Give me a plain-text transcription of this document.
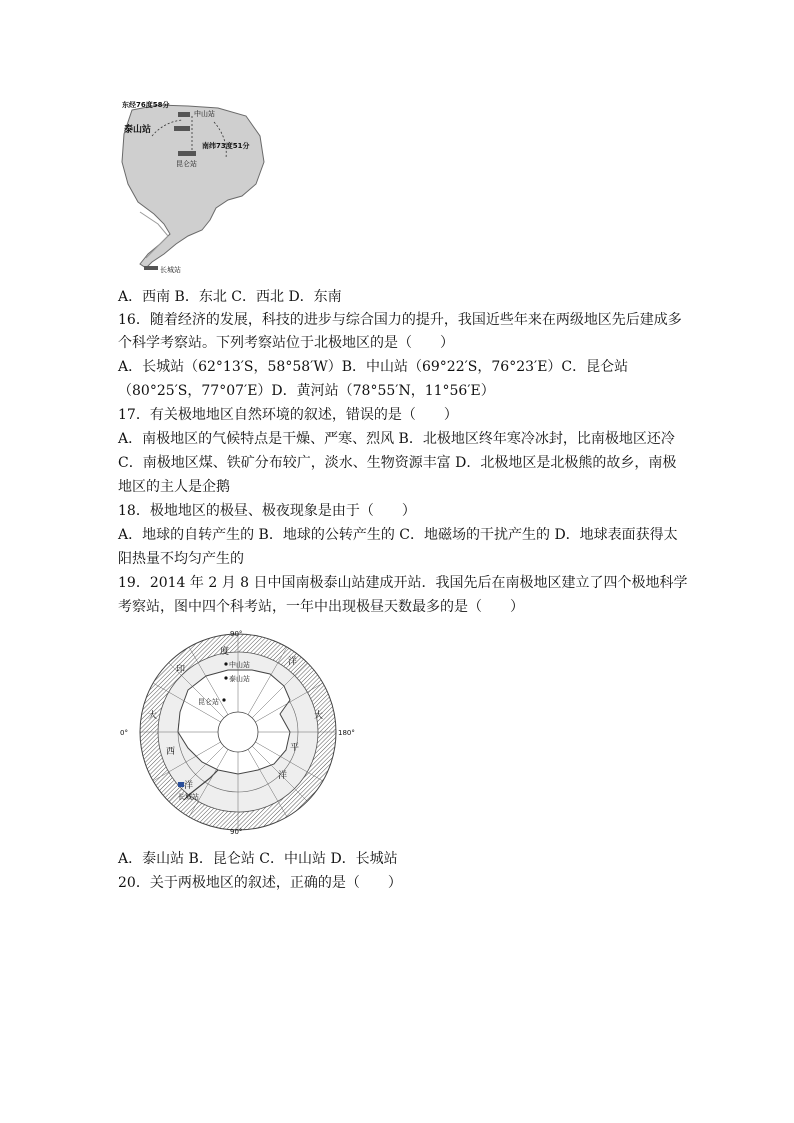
东经76度58分
中山站
泰山站
南纬73度51分
昆仑站
长城站
A．西南 B．东北 C．西北 D．东南
16．随着经济的发展，科技的进步与综合国力的提升，我国近些年来在两级地区先后建成多
个科学考察站。下列考察站位于北极地区的是（　　）
A．长城站（62°13′S，58°58′W）B．中山站（69°22′S，76°23′E）C．昆仑站
（80°25′S，77°07′E）D．黄河站（78°55′N，11°56′E）
17．有关极地地区自然环境的叙述，错误的是（　　）
A．南极地区的气候特点是干燥、严寒、烈风 B．北极地区终年寒冷冰封，比南极地区还冷
C．南极地区煤、铁矿分布较广，淡水、生物资源丰富 D．北极地区是北极熊的故乡，南极
地区的主人是企鹅
18．极地地区的极昼、极夜现象是由于（　　）
A．地球的自转产生的 B．地球的公转产生的 C．地磁场的干扰产生的 D．地球表面获得太
阳热量不均匀产生的
19．2014 年 2 月 8 日中国南极泰山站建成开站．我国先后在南极地区建立了四个极地科学
考察站，图中四个科考站，一年中出现极昼天数最多的是（　　）
90°
90°
0°	180°
印
度
洋
大	大
平
西
洋
洋
中山站
泰山站
昆仑站
长城站
A．泰山站 B．昆仑站 C．中山站 D．长城站
20．关于两极地区的叙述，正确的是（　　）
